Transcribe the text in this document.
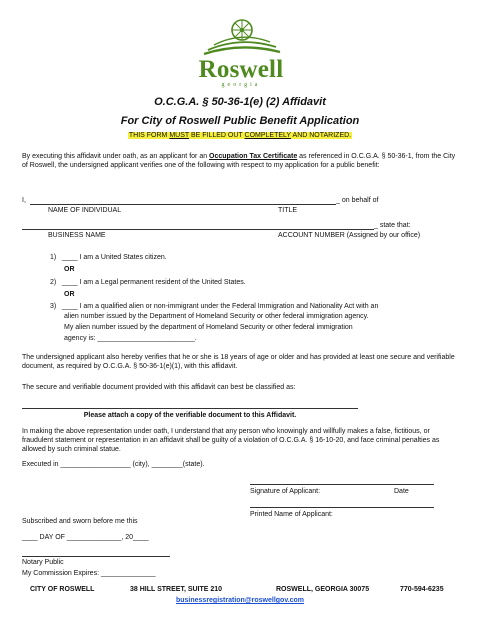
Roswell
georgia
O.C.G.A. § 50-36-1(e) (2) Affidavit
For City of Roswell Public Benefit Application
THIS FORM MUST BE FILLED OUT COMPLETELY AND NOTARIZED.
By executing this affidavit under oath, as an applicant for an Occupation Tax Certificate as referenced in O.C.G.A. § 50-36-1, from the City of Roswell, the undersigned applicant verifies one of the following with respect to my application for a public benefit:
I,	_ on behalf of
NAME OF INDIVIDUAL	TITLE
_ state that:
BUSINESS NAME	ACCOUNT NUMBER (Assigned by our office)
1) ____ I am a United States citizen.
OR
2) ____ I am a Legal permanent resident of the United States.
OR
3) ____ I am a qualified alien or non-immigrant under the Federal Immigration and Nationality Act with an
alien number issued by the Department of Homeland Security or other federal immigration agency.
My alien number issued by the department of Homeland Security or other federal immigration
agency is: _________________________.
The undersigned applicant also hereby verifies that he or she is 18 years of age or older and has provided at least one secure and verifiable document, as required by O.C.G.A. § 50-36-1(e)(1), with this affidavit.
The secure and verifiable document provided with this affidavit can best be classified as:
Please attach a copy of the verifiable document to this Affidavit.
In making the above representation under oath, I understand that any person who knowingly and willfully makes a false, fictitious, or fraudulent statement or representation in an affidavit shall be guilty of a violation of O.C.G.A. § 16-10-20, and face criminal penalties as allowed by such criminal statue.
Executed in __________________ (city), ________(state).
Signature of Applicant:	Date
Printed Name of Applicant:
Subscribed and sworn before me this
____ DAY OF ______________, 20____
Notary Public
My Commission Expires: ______________
CITY OF ROSWELL	38 HILL STREET, SUITE 210	ROSWELL, GEORGIA 30075	770-594-6235
businessregistration@roswellgov.com
